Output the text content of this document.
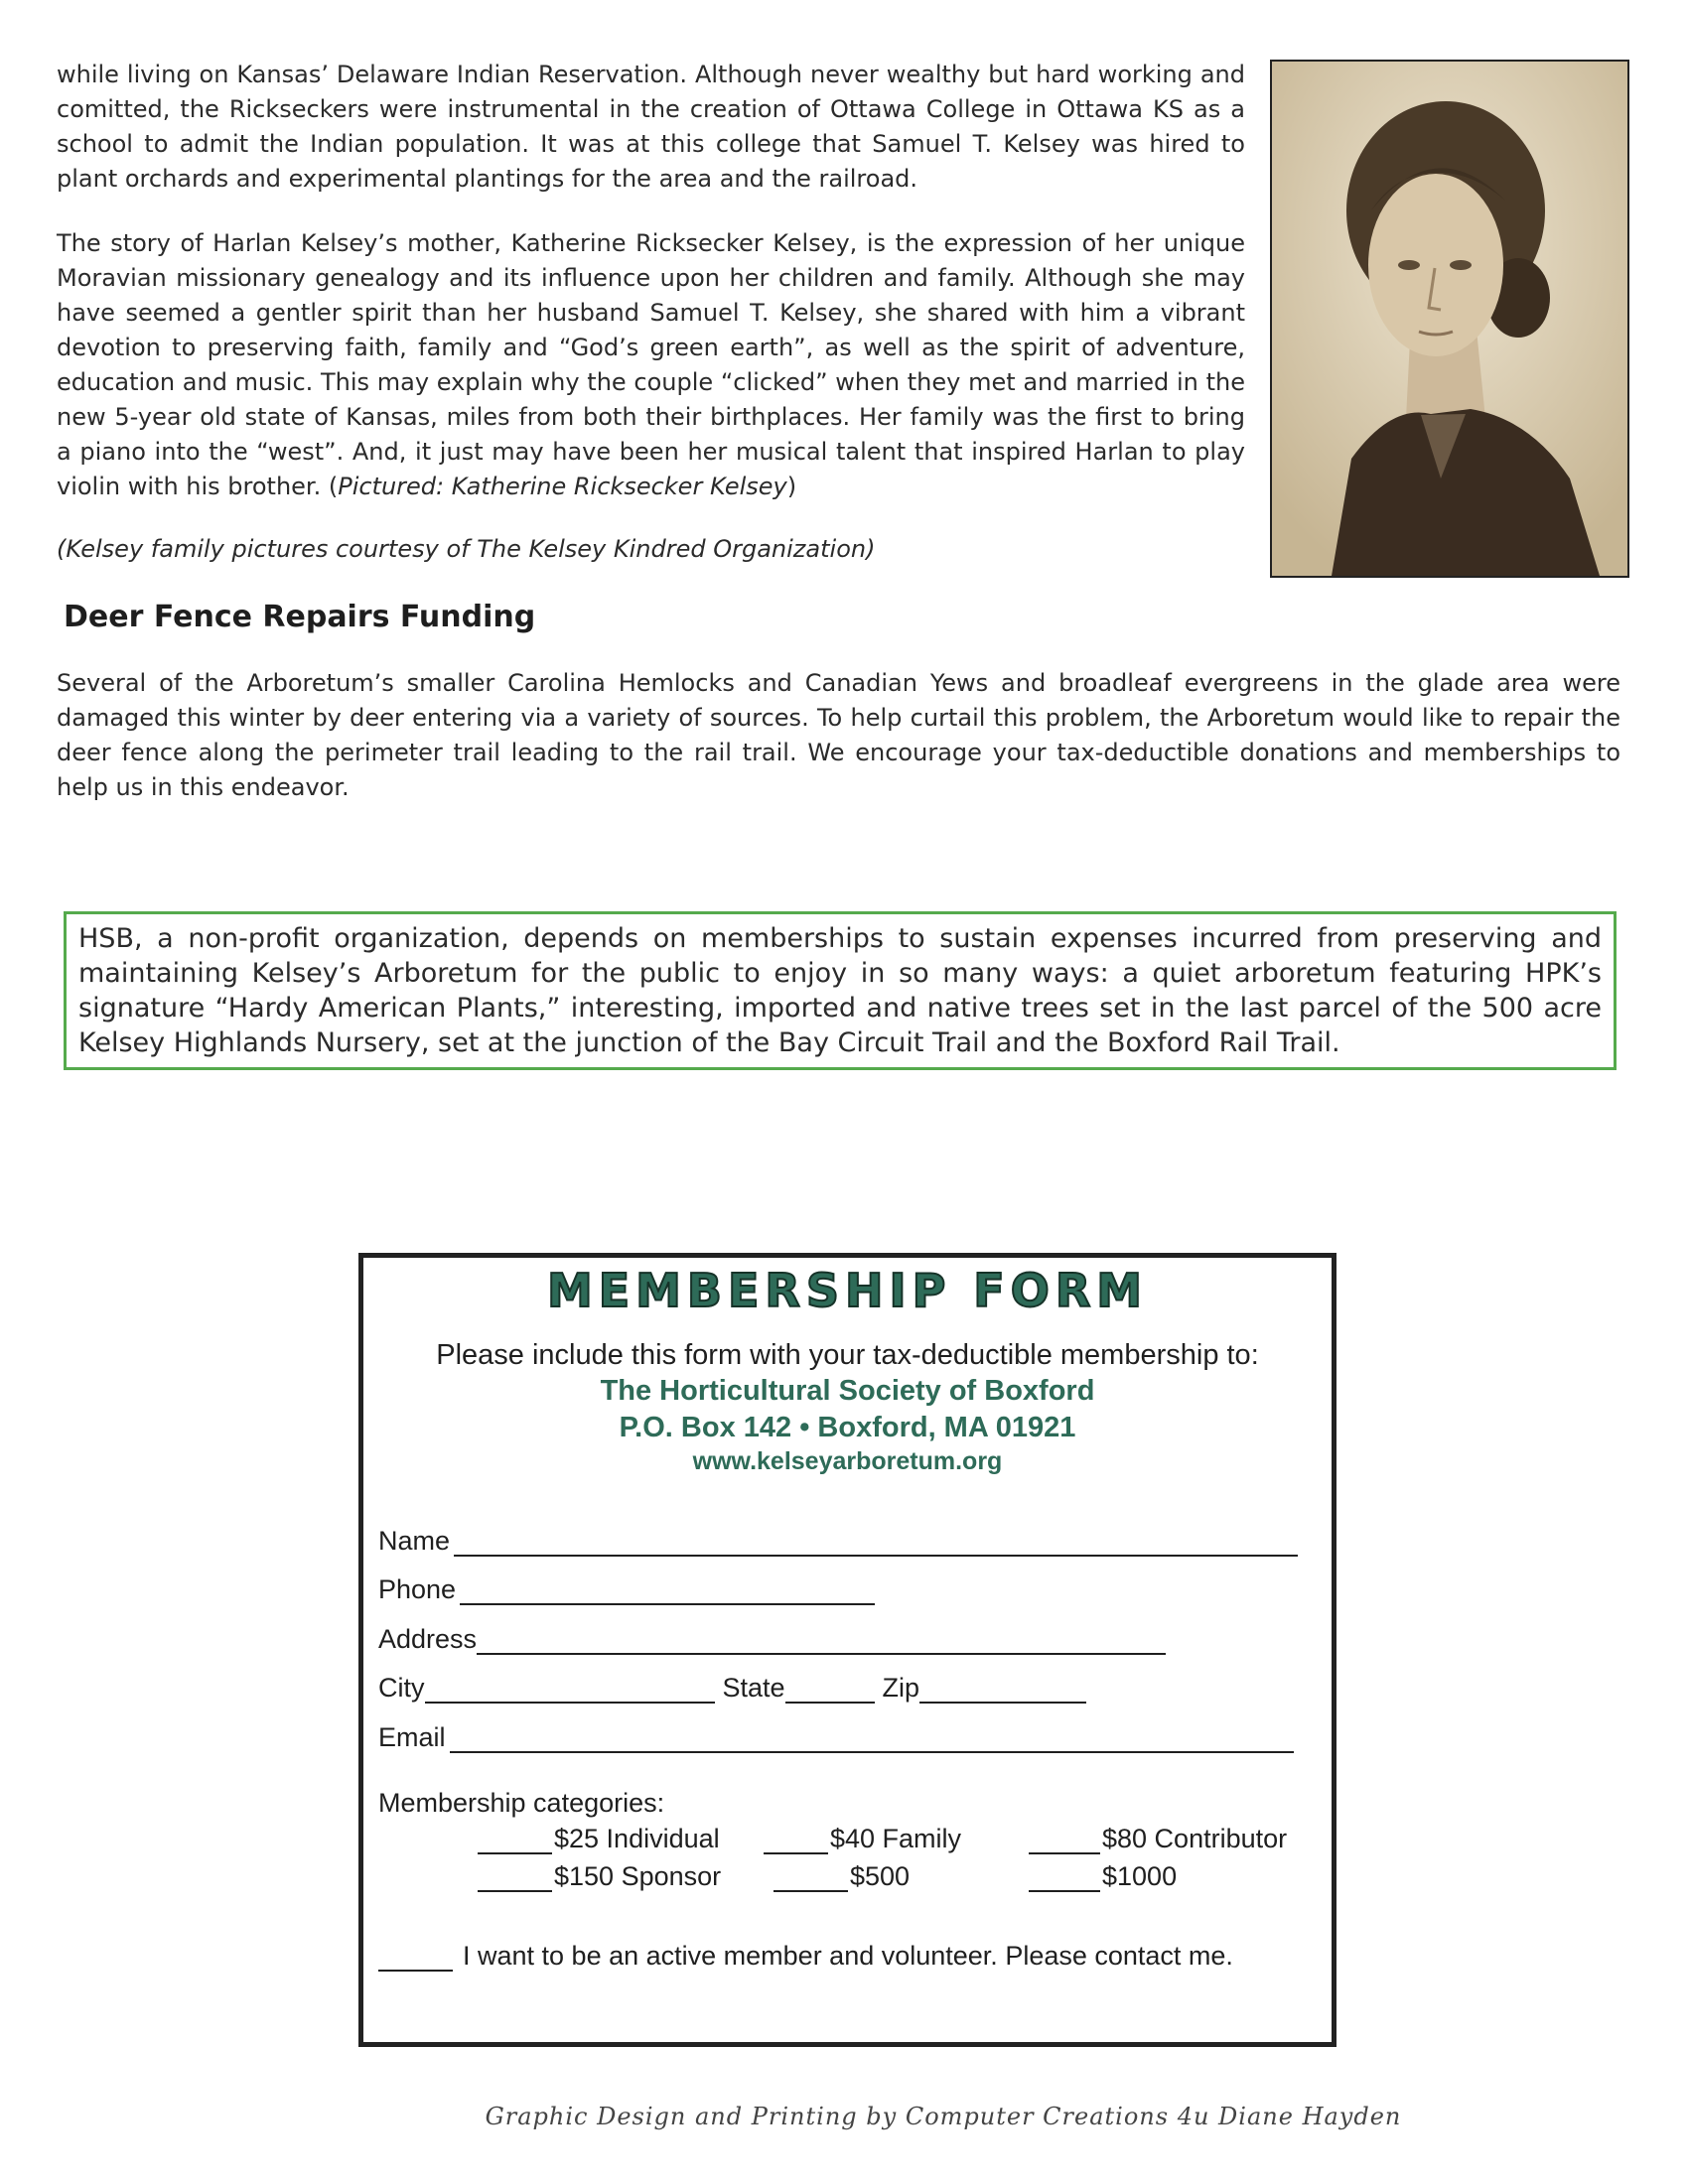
while living on Kansas’ Delaware Indian Reservation. Although never wealthy but hard working and comitted, the Rickseckers were instrumental in the creation of Ottawa College in Ottawa KS as a school to admit the Indian population. It was at this college that Samuel T. Kelsey was hired to plant orchards and experimental plantings for the area and the railroad.

The story of Harlan Kelsey’s mother, Katherine Ricksecker Kelsey, is the expression of her unique Moravian missionary genealogy and its influence upon her children and family. Although she may have seemed a gentler spirit than her husband Samuel T. Kelsey, she shared with him a vibrant devotion to preserving faith, family and “God’s green earth”, as well as the spirit of adventure, education and music. This may explain why the couple “clicked” when they met and married in the new 5-year old state of Kansas, miles from both their birthplaces. Her family was the first to bring a piano into the “west”. And, it just may have been her musical talent that inspired Harlan to play violin with his brother. (Pictured: Katherine Ricksecker Kelsey)

(Kelsey family pictures courtesy of The Kelsey Kindred Organization)

Deer Fence Repairs Funding

Several of the Arboretum’s smaller Carolina Hemlocks and Canadian Yews and broadleaf evergreens in the glade area were damaged this winter by deer entering via a variety of sources. To help curtail this problem, the Arboretum would like to repair the deer fence along the perimeter trail leading to the rail trail. We encourage your tax-deductible donations and memberships to help us in this endeavor.

HSB, a non-profit organization, depends on memberships to sustain expenses incurred from preserving and maintaining Kelsey’s Arboretum for the public to enjoy in so many ways: a quiet arboretum featuring HPK’s signature “Hardy American Plants,” interesting, imported and native trees set in the last parcel of the 500 acre Kelsey Highlands Nursery, set at the junction of the Bay Circuit Trail and the Boxford Rail Trail.

MEMBERSHIP FORM
Please include this form with your tax-deductible membership to:
The Horticultural Society of Boxford
P.O. Box 142 • Boxford, MA 01921
www.kelseyarboretum.org
Name
Phone
Address
City	State	Zip
Email
Membership categories:
$25 Individual	$40 Family	$80 Contributor
$150 Sponsor	$500	$1000
I want to be an active member and volunteer. Please contact me.
Graphic Design and Printing by Computer Creations 4u Diane Hayden
